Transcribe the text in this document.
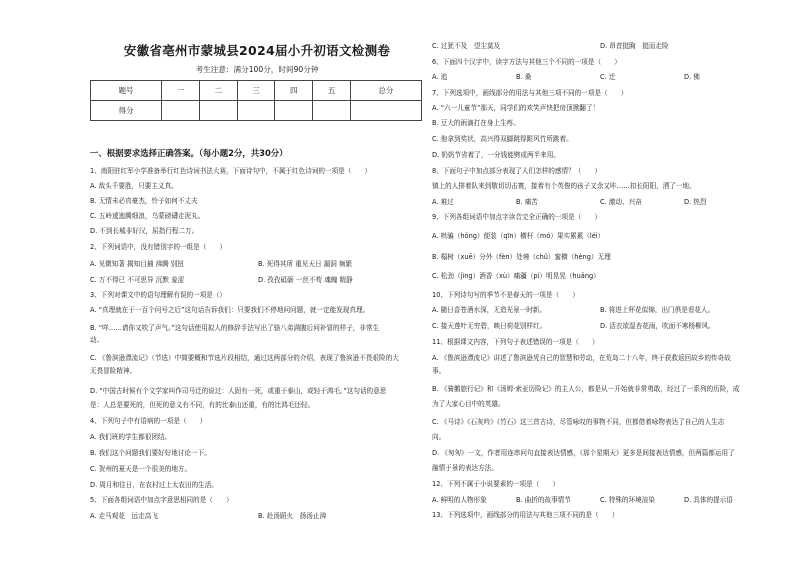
安徽省亳州市蒙城县2024届小升初语文检测卷
考生注意：满分100分，时间90分钟
题号	一	二	三	四	五	总分
得分						
一、根据要求选择正确答案。（每小题2分，共30分）
1、南阳驻红军小学准备举行红色诗词书法大赛，下面诗句中，不属于红色诗词的一项是（　　）
A. 敌头千要胜，只要主义真。
B. 无情未必真豪杰，怜子如何不丈夫
C. 五岭逶迤腾细浪，乌蒙磅礴走泥丸。
D. 不到长城非好汉，屈指行程二万。
2、下列词语中，没有错别字的一组是（　　）
A. 见微知著 揭知目捕 沸腾 别扭	B. 死得其所 重见天日 漏洞 频繁
C. 万不得已 不可思异 沉默 羞涩	D. 孜孜砥砺 一丝不苟 魂魄 精静
3、下列对课文中的语句理解有误的一项是（）
A. “真理就在于一百个问号之后”这句话告诉我们：只要我们不停地问问题，就一定能发现真理。
B. “咩……请你又吹了声气。”这句话使用拟人的修辞手法写出了骆八弟满腹后问补冒的样子，非常生
动。
C. 《鲁滨逊漂流记》（节选）中简要概和节选片段相结，通过这两部分的介绍，表现了鲁滨逊不畏艰险的大
无畏冒险精神。
D. “中国古时候有个文学家叫作司马迁的说过：人固有一死，或重于泰山，或轻于鸿毛。”这句话的意思
是：人总是要死的，但死的意义有不同，有的比泰山还重，有的比鸿毛还轻。
4、下列句子中有语病的一项是（　　）
A. 我们班的学生都很团结。
B. 我们这个问题我们要好好地讨论一下。
C. 贺州的夏天是一个很美的地方。
D. 周月和往日，在农村过上太农田的生活。
5、下面各组词语中加点字意思相同的是（　　）
A. 走马观花　远走高飞	B. 赴汤蹈火　扬汤止沸
C. 过犹不及　望尘莫及	D. 昂首挺胸　挺而走险
6、下面四个汉字中，读字方法与其他三个不同的一项是（　　）
A. 追	B. 桑	C. 迁	D. 佛
7、下列选项中，画线部分的用法与其他三项不同的一项是（　　）
A. “六一儿童节”那天，同学们的欢笑声快把房顶掀翻了！
B. 豆大的雨滴打在身上生疼。
C. 他拿到奖状，高兴得双脚跳得跟风竹所跳着。
D. 奶奶节省着了，一分钱能劈成两半来用。
8、下面句子中加点部分表现了人们怎样的感情？（　　）
镇上的人排着队来到敬切切击寰，接着有个英俊的孩子又余又咔……扣长阳阳，洒了一地。
A. 难过	B. 痛苦	C. 激动、兴奋	D. 热烈
9、下列各组词语中加点字读音完全正确的一项是（　　）
A. 哄骗（hǒng）便装（qīn）横杆（mó）果实累累（léi）
B. 榻树（xuē）分外（fèn）处境（chǔ）蜜横（hèng）无理
C. 松劲（jìng）酒香（xù）痛疆（pí）明晃晃（huǎng）
10、下列诗句写的季节不是春天的一项是（　　）
A. 随日沓苍酒水深，无造光景一时新。	B. 将进上杯花似锦，出门俱是看花人。
C. 接天莲叶无穷碧，映日荷花别样红。	D. 活衣欲湿杏花雨，吹面不寒杨柳风。
11、根据课文内容，下列句子表述错误的一项是（　　）
A. 《鲁滨逊漂流记》讲述了鲁滨逊凭自己的智慧和劳动，在荒岛二十八年，终于获救返回故乡的传奇故
事。
B. 《骑鹅旅行记》和《汤姆·索亚历险记》的主人公，都是从一开始就非常勇敢，经过了一系列的历险，成
为了大家心目中的英雄。
C. 《马诗》《石灰吟》《竹石》这三首古诗，尽管咏叹的事物不同，但都借着咏物表达了自己的人生志
向。
D. 《匆匆》一文，作者用连串问句直接表达情感，《那个星期天》更多是间接表达情感，但两篇都运用了
融情于景的表达方法。
12、下列不属于小说要素的一项是（　　）
A. 鲜明的人物形象	B. 曲折的故事情节	C. 特殊的环境渲染	D. 具体的提示语
13、下列选项中，画线部分的用法与其他三项不同的是（　　）
